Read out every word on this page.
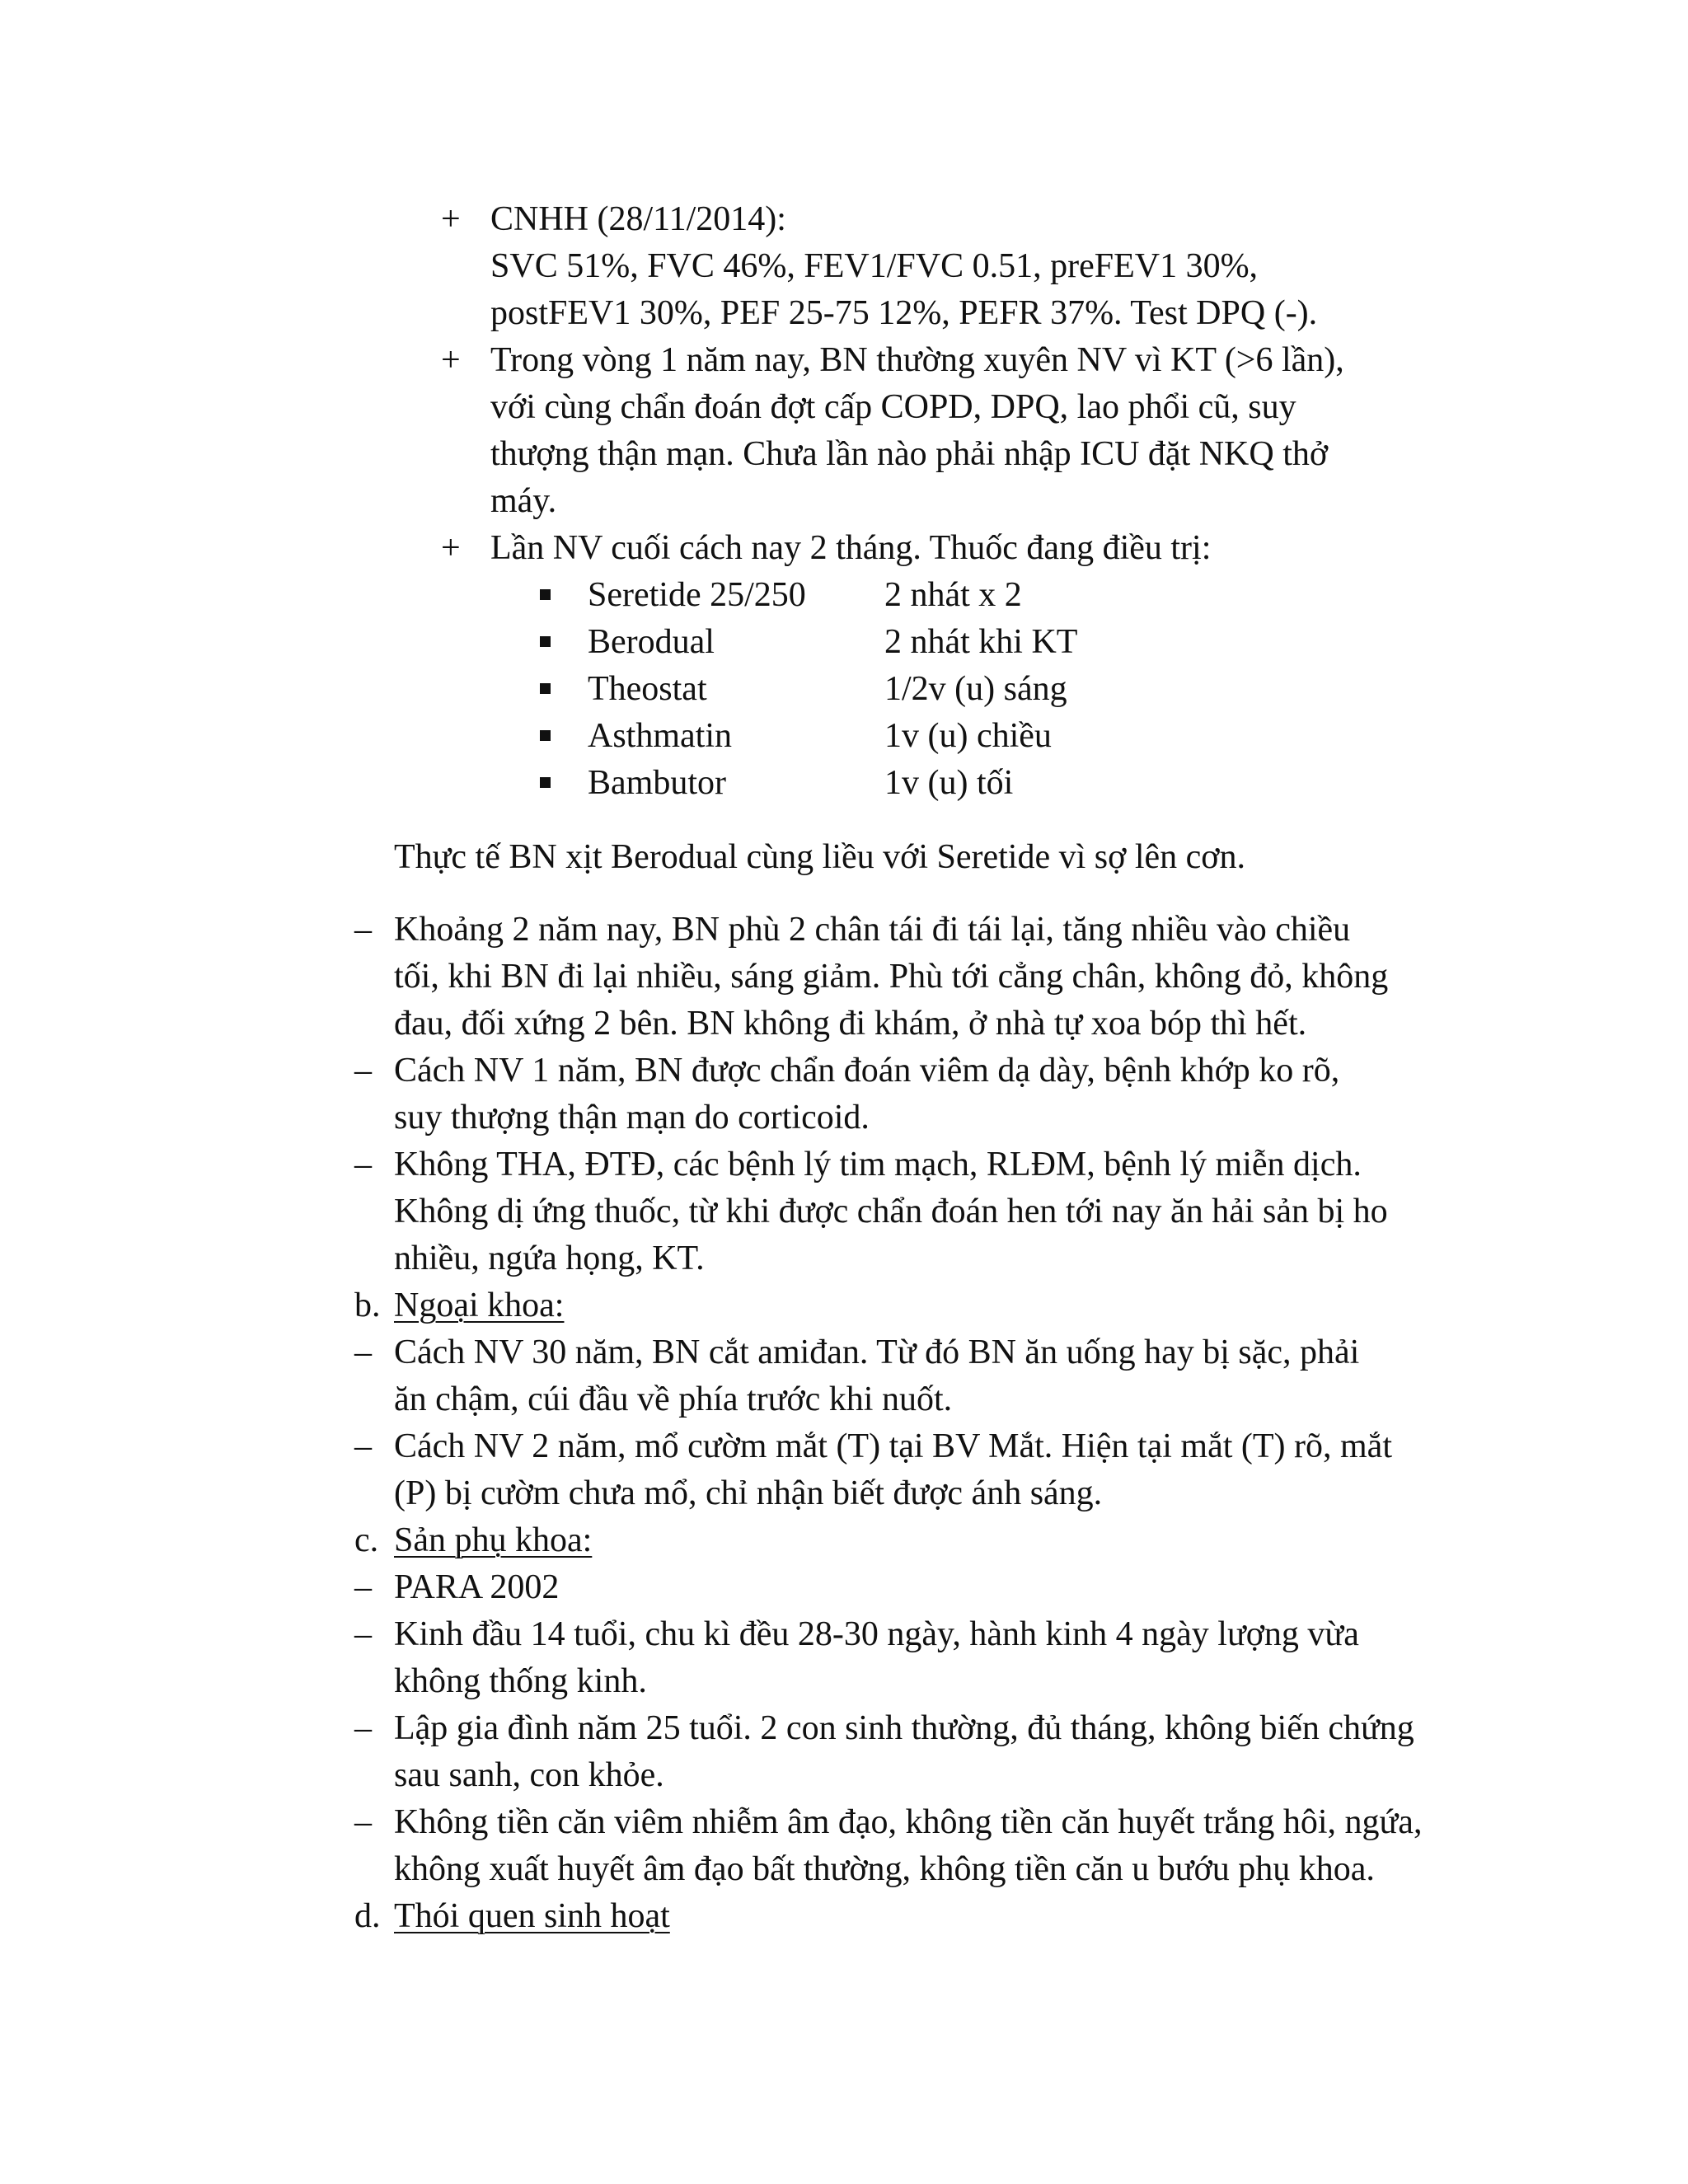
+ CNHH (28/11/2014):
SVC 51%, FVC 46%, FEV1/FVC 0.51, preFEV1 30%,
postFEV1 30%, PEF 25-75 12%, PEFR 37%. Test DPQ (-).
+ Trong vòng 1 năm nay, BN thường xuyên NV vì KT (>6 lần),
với cùng chẩn đoán đợt cấp COPD, DPQ, lao phổi cũ, suy
thượng thận mạn. Chưa lần nào phải nhập ICU đặt NKQ thở
máy.
+ Lần NV cuối cách nay 2 tháng. Thuốc đang điều trị:
Seretide 25/250 2 nhát x 2
Berodual	2 nhát khi KT
Theostat	1/2v (u) sáng
Asthmatin	1v (u) chiều
Bambutor	1v (u) tối
Thực tế BN xịt Berodual cùng liều với Seretide vì sợ lên cơn.
– Khoảng 2 năm nay, BN phù 2 chân tái đi tái lại, tăng nhiều vào chiều
tối, khi BN đi lại nhiều, sáng giảm. Phù tới cẳng chân, không đỏ, không
đau, đối xứng 2 bên. BN không đi khám, ở nhà tự xoa bóp thì hết.
– Cách NV 1 năm, BN được chẩn đoán viêm dạ dày, bệnh khớp ko rõ,
suy thượng thận mạn do corticoid.
– Không THA, ĐTĐ, các bệnh lý tim mạch, RLĐM, bệnh lý miễn dịch.
Không dị ứng thuốc, từ khi được chẩn đoán hen tới nay ăn hải sản bị ho
nhiều, ngứa họng, KT.
b. Ngoại khoa:
– Cách NV 30 năm, BN cắt amiđan. Từ đó BN ăn uống hay bị sặc, phải
ăn chậm, cúi đầu về phía trước khi nuốt.
– Cách NV 2 năm, mổ cườm mắt (T) tại BV Mắt. Hiện tại mắt (T) rõ, mắt
(P) bị cườm chưa mổ, chỉ nhận biết được ánh sáng.
c. Sản phụ khoa:
– PARA 2002
– Kinh đầu 14 tuổi, chu kì đều 28-30 ngày, hành kinh 4 ngày lượng vừa
không thống kinh.
– Lập gia đình năm 25 tuổi. 2 con sinh thường, đủ tháng, không biến chứng
sau sanh, con khỏe.
– Không tiền căn viêm nhiễm âm đạo, không tiền căn huyết trắng hôi, ngứa,
không xuất huyết âm đạo bất thường, không tiền căn u bướu phụ khoa.
d. Thói quen sinh hoạt
